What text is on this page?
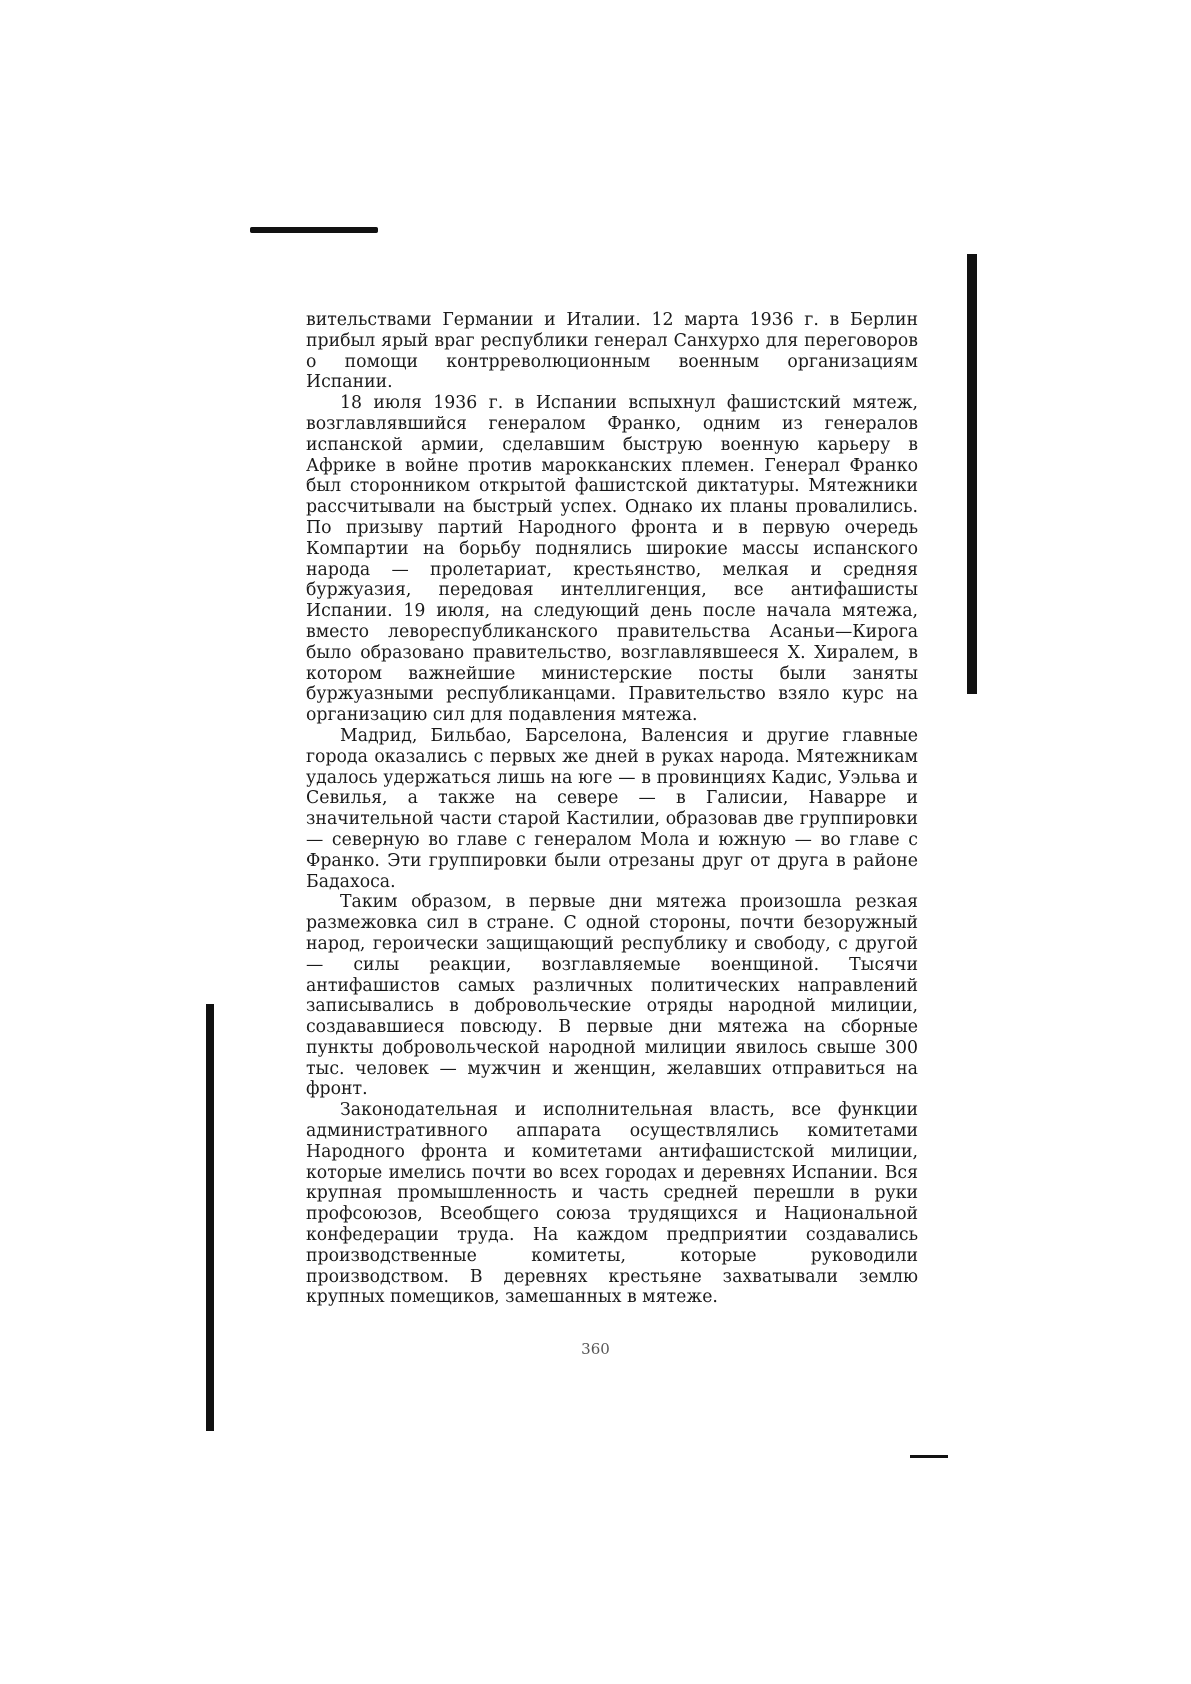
вительствами Германии и Италии. 12 марта 1936 г. в Берлин прибыл ярый враг республики генерал Санхурхо для переговоров о помощи контрреволюционным военным организациям Испании.

18 июля 1936 г. в Испании вспыхнул фашистский мятеж, возглавлявшийся генералом Франко, одним из генералов испанской армии, сделавшим быструю военную карьеру в Африке в войне против марокканских племен. Генерал Франко был сторонником открытой фашистской диктатуры. Мятежники рассчитывали на быстрый успех. Однако их планы провалились. По призыву партий Народного фронта и в первую очередь Компартии на борьбу поднялись широкие массы испанского народа — пролетариат, крестьянство, мелкая и средняя буржуазия, передовая интеллигенция, все антифашисты Испании. 19 июля, на следующий день после начала мятежа, вместо левореспубликанского правительства Асаньи—Кирога было образовано правительство, возглавлявшееся Х. Хиралем, в котором важнейшие министерские посты были заняты буржуазными республиканцами. Правительство взяло курс на организацию сил для подавления мятежа.

Мадрид, Бильбао, Барселона, Валенсия и другие главные города оказались с первых же дней в руках народа. Мятежникам удалось удержаться лишь на юге — в провинциях Кадис, Уэльва и Севилья, а также на севере — в Галисии, Наварре и значительной части старой Кастилии, образовав две группировки — северную во главе с генералом Мола и южную — во главе с Франко. Эти группировки были отрезаны друг от друга в районе Бадахоса.

Таким образом, в первые дни мятежа произошла резкая размежовка сил в стране. С одной стороны, почти безоружный народ, героически защищающий республику и свободу, с другой — силы реакции, возглавляемые военщиной. Тысячи антифашистов самых различных политических направлений записывались в добровольческие отряды народной милиции, создававшиеся повсюду. В первые дни мятежа на сборные пункты добровольческой народной милиции явилось свыше 300 тыс. человек — мужчин и женщин, желавших отправиться на фронт.

Законодательная и исполнительная власть, все функции административного аппарата осуществлялись комитетами Народного фронта и комитетами антифашистской милиции, которые имелись почти во всех городах и деревнях Испании. Вся крупная промышленность и часть средней перешли в руки профсоюзов, Всеобщего союза трудящихся и Национальной конфедерации труда. На каждом предприятии создавались производственные комитеты, которые руководили производством. В деревнях крестьяне захватывали землю крупных помещиков, замешанных в мятеже.

360
